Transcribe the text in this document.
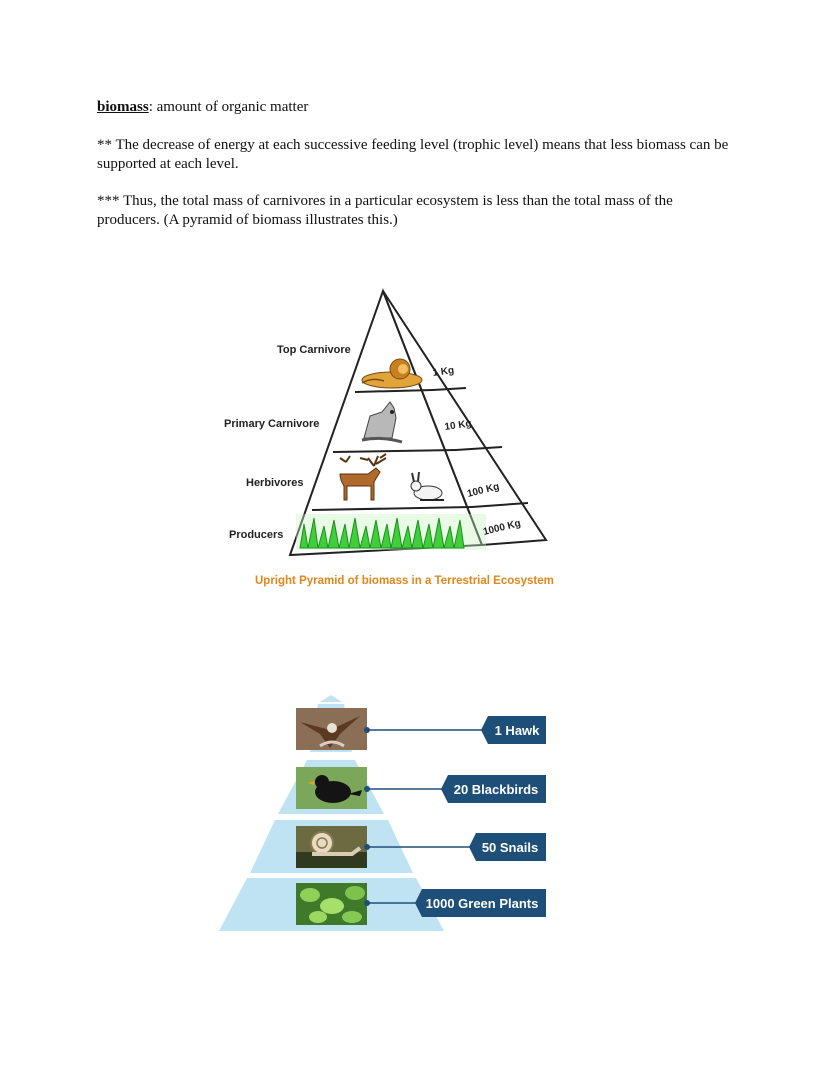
biomass: amount of organic matter

** The decrease of energy at each successive feeding level (trophic level) means that less biomass can be supported at each level.

*** Thus, the total mass of carnivores in a particular ecosystem is less than the total mass of the producers. (A pyramid of biomass illustrates this.)

Top Carnivore
Primary Carnivore
Herbivores
Producers
1 Kg
10 Kg
100 Kg
1000 Kg
Upright Pyramid of biomass in a Terrestrial Ecosystem
1 Hawk
20 Blackbirds
50 Snails
1000 Green Plants
